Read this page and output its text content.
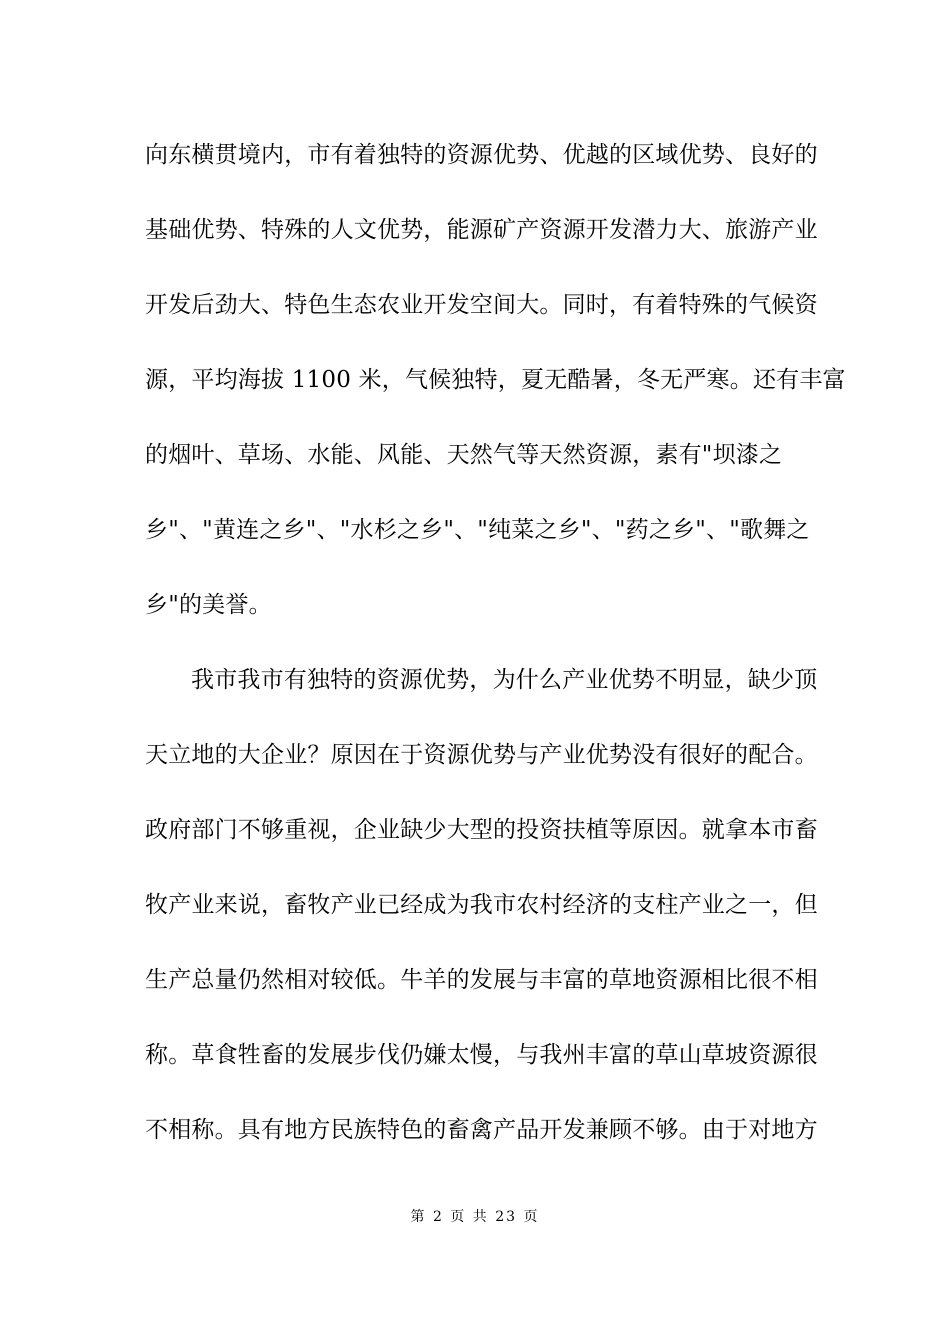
向东横贯境内，市有着独特的资源优势、优越的区域优势、良好的
基础优势、特殊的人文优势，能源矿产资源开发潜力大、旅游产业
开发后劲大、特色生态农业开发空间大。同时，有着特殊的气候资
源，平均海拔 1100 米，气候独特，夏无酷暑，冬无严寒。还有丰富
的烟叶、草场、水能、风能、天然气等天然资源，素有"坝漆之
乡"、"黄连之乡"、"水杉之乡"、"纯菜之乡"、"药之乡"、"歌舞之
乡"的美誉。
我市我市有独特的资源优势，为什么产业优势不明显，缺少顶
天立地的大企业？原因在于资源优势与产业优势没有很好的配合。
政府部门不够重视，企业缺少大型的投资扶植等原因。就拿本市畜
牧产业来说，畜牧产业已经成为我市农村经济的支柱产业之一，但
生产总量仍然相对较低。牛羊的发展与丰富的草地资源相比很不相
称。草食牲畜的发展步伐仍嫌太慢，与我州丰富的草山草坡资源很
不相称。具有地方民族特色的畜禽产品开发兼顾不够。由于对地方
第 2 页 共 23 页
